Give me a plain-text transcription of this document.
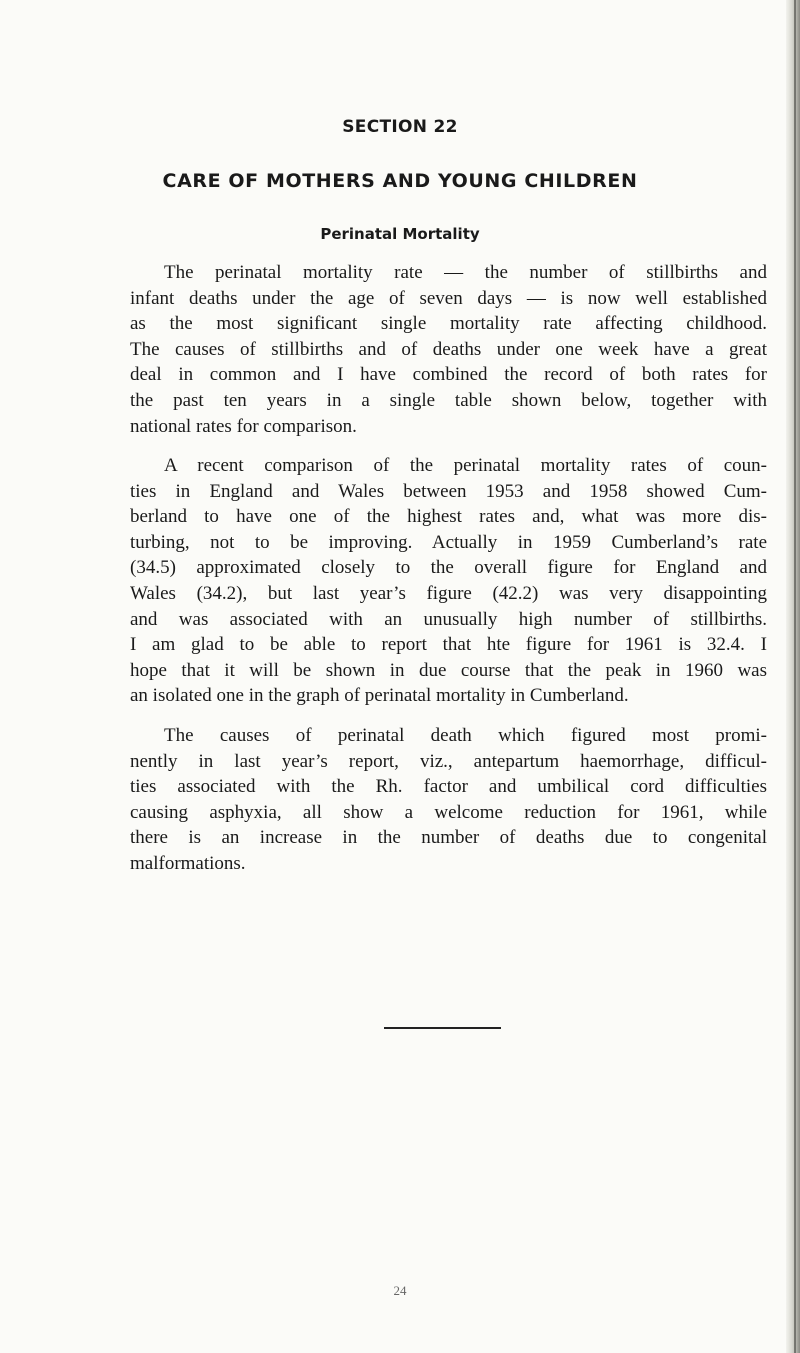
SECTION 22
CARE OF MOTHERS AND YOUNG CHILDREN
Perinatal Mortality
The perinatal mortality rate — the number of stillbirths and
infant deaths under the age of seven days — is now well established
as the most significant single mortality rate affecting childhood.
The causes of stillbirths and of deaths under one week have a great
deal in common and I have combined the record of both rates for
the past ten years in a single table shown below, together with
national rates for comparison.
A recent comparison of the perinatal mortality rates of coun-
ties in England and Wales between 1953 and 1958 showed Cum-
berland to have one of the highest rates and, what was more dis-
turbing, not to be improving. Actually in 1959 Cumberland’s rate
(34.5) approximated closely to the overall figure for England and
Wales (34.2), but last year’s figure (42.2) was very disappointing
and was associated with an unusually high number of stillbirths.
I am glad to be able to report that hte figure for 1961 is 32.4. I
hope that it will be shown in due course that the peak in 1960 was
an isolated one in the graph of perinatal mortality in Cumberland.
The causes of perinatal death which figured most promi-
nently in last year’s report, viz., antepartum haemorrhage, difficul-
ties associated with the Rh. factor and umbilical cord difficulties
causing asphyxia, all show a welcome reduction for 1961, while
there is an increase in the number of deaths due to congenital
malformations.
24
